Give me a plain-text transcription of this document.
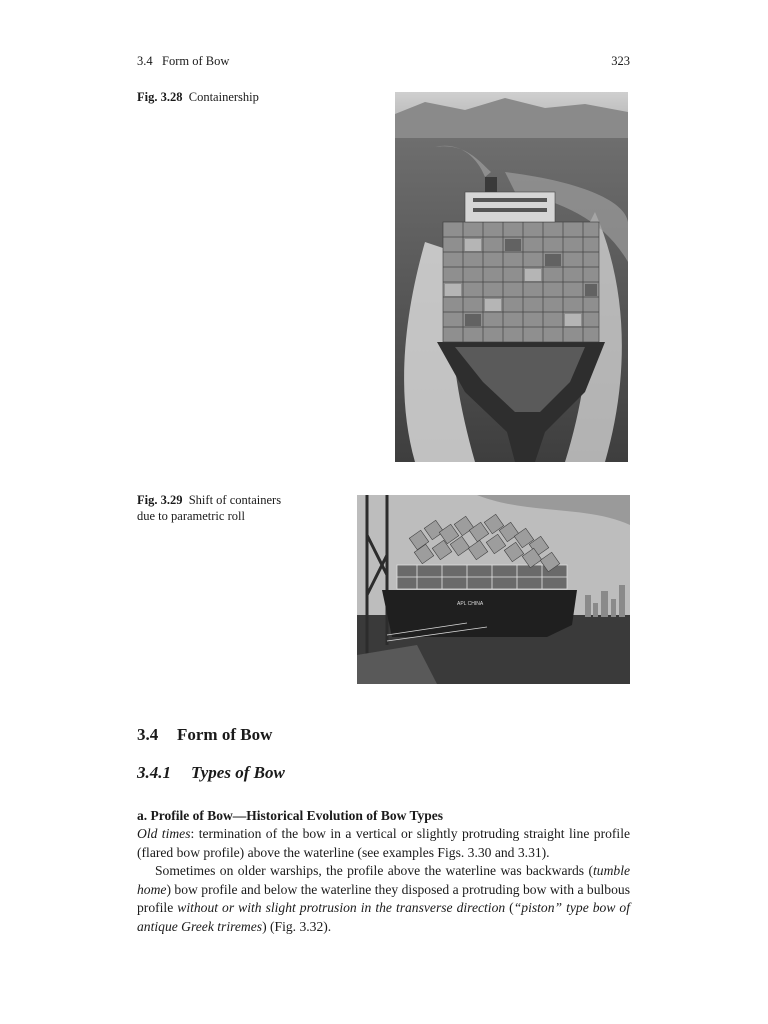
3.4   Form of Bow	323
Fig. 3.28 Containership
Fig. 3.29 Shift of containers
due to parametric roll
APL CHINA
3.4 Form of Bow
3.4.1 Types of Bow
a. Profile of Bow—Historical Evolution of Bow Types

Old times: termination of the bow in a vertical or slightly protruding straight line profile (flared bow profile) above the waterline (see examples Figs. 3.30 and 3.31).

Sometimes on older warships, the profile above the waterline was backwards (tumble home) bow profile and below the waterline they disposed a protruding bow with a bulbous profile without or with slight protrusion in the transverse direction (“piston” type bow of antique Greek triremes) (Fig. 3.32).
